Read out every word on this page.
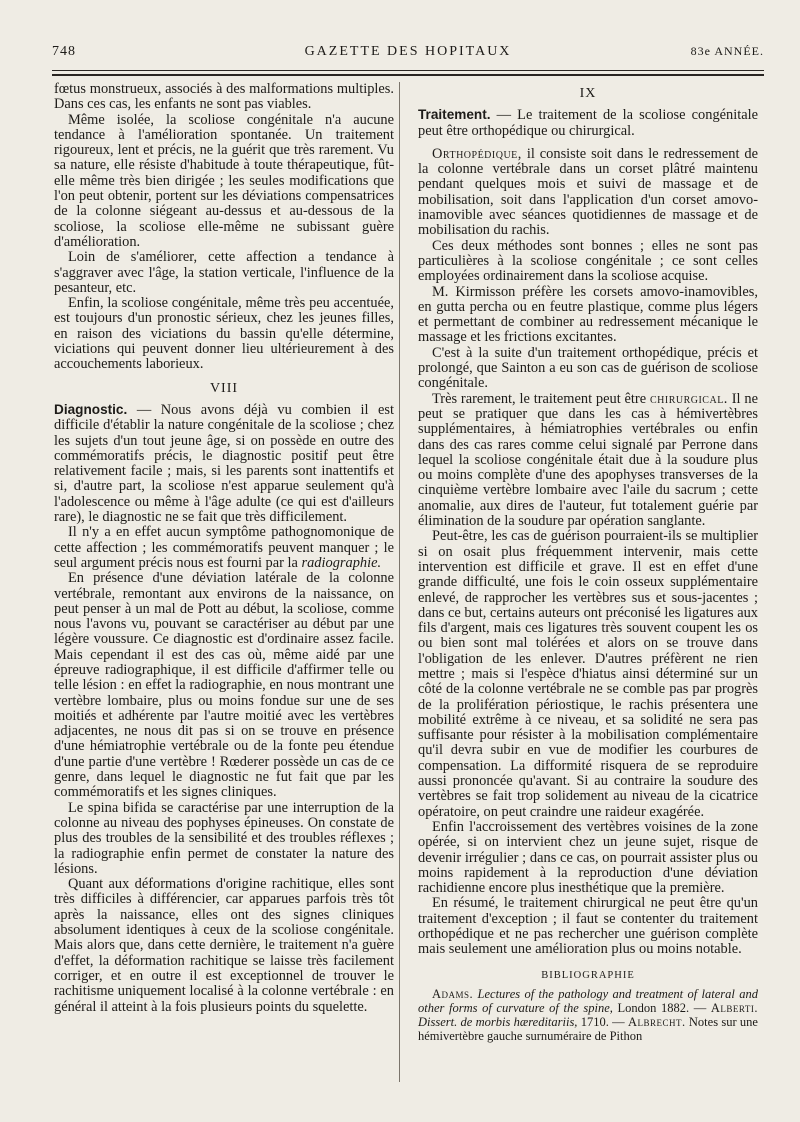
748	GAZETTE DES HOPITAUX	83e ANNÉE.

fœtus monstrueux, associés à des malformations multiples. Dans ces cas, les enfants ne sont pas viables.

Même isolée, la scoliose congénitale n'a aucune tendance à l'amélioration spontanée. Un traitement rigoureux, lent et précis, ne la guérit que très rarement. Vu sa nature, elle résiste d'habitude à toute thérapeutique, fût-elle même très bien dirigée ; les seules modifications que l'on peut obtenir, portent sur les déviations compensatrices de la colonne siégeant au-dessus et au-dessous de la scoliose, la scoliose elle-même ne subissant guère d'amélioration.

Loin de s'améliorer, cette affection a tendance à s'aggraver avec l'âge, la station verticale, l'influence de la pesanteur, etc.

Enfin, la scoliose congénitale, même très peu accentuée, est toujours d'un pronostic sérieux, chez les jeunes filles, en raison des viciations du bassin qu'elle détermine, viciations qui peuvent donner lieu ultérieurement à des accouchements laborieux.

VIII

Diagnostic. — Nous avons déjà vu combien il est difficile d'établir la nature congénitale de la scoliose ; chez les sujets d'un tout jeune âge, si on possède en outre des commémoratifs précis, le diagnostic positif peut être relativement facile ; mais, si les parents sont inattentifs et si, d'autre part, la scoliose n'est apparue seulement qu'à l'adolescence ou même à l'âge adulte (ce qui est d'ailleurs rare), le diagnostic ne se fait que très difficilement.

Il n'y a en effet aucun symptôme pathognomonique de cette affection ; les commémoratifs peuvent manquer ; le seul argument précis nous est fourni par la radiographie.

En présence d'une déviation latérale de la colonne vertébrale, remontant aux environs de la naissance, on peut penser à un mal de Pott au début, la scoliose, comme nous l'avons vu, pouvant se caractériser au début par une légère voussure. Ce diagnostic est d'ordinaire assez facile. Mais cependant il est des cas où, même aidé par une épreuve radiographique, il est difficile d'affirmer telle ou telle lésion : en effet la radiographie, en nous montrant une vertèbre lombaire, plus ou moins fondue sur une de ses moitiés et adhérente par l'autre moitié avec les vertèbres adjacentes, ne nous dit pas si on se trouve en présence d'une hémiatrophie vertébrale ou de la fonte peu étendue d'une partie d'une vertèbre ! Rœderer possède un cas de ce genre, dans lequel le diagnostic ne fut fait que par les commémoratifs et les signes cliniques.

Le spina bifida se caractérise par une interruption de la colonne au niveau des pophyses épineuses. On constate de plus des troubles de la sensibilité et des troubles réflexes ; la radiographie enfin permet de constater la nature des lésions.

Quant aux déformations d'origine rachitique, elles sont très difficiles à différencier, car apparues parfois très tôt après la naissance, elles ont des signes cliniques absolument identiques à ceux de la scoliose congénitale. Mais alors que, dans cette dernière, le traitement n'a guère d'effet, la déformation rachitique se laisse très facilement corriger, et en outre il est exceptionnel de trouver le rachitisme uniquement localisé à la colonne vertébrale : en général il atteint à la fois plusieurs points du squelette.

IX

Traitement. — Le traitement de la scoliose congénitale peut être orthopédique ou chirurgical.

Orthopédique, il consiste soit dans le redressement de la colonne vertébrale dans un corset plâtré maintenu pendant quelques mois et suivi de massage et de mobilisation, soit dans l'application d'un corset amovo-inamovible avec séances quotidiennes de massage et de mobilisation du rachis.

Ces deux méthodes sont bonnes ; elles ne sont pas particulières à la scoliose congénitale ; ce sont celles employées ordinairement dans la scoliose acquise.

M. Kirmisson préfère les corsets amovo-inamovibles, en gutta percha ou en feutre plastique, comme plus légers et permettant de combiner au redressement mécanique le massage et les frictions excitantes.

C'est à la suite d'un traitement orthopédique, précis et prolongé, que Sainton a eu son cas de guérison de scoliose congénitale.

Très rarement, le traitement peut être chirurgical. Il ne peut se pratiquer que dans les cas à hémivertèbres supplémentaires, à hémiatrophies vertébrales ou enfin dans des cas rares comme celui signalé par Perrone dans lequel la scoliose congénitale était due à la soudure plus ou moins complète d'une des apophyses transverses de la cinquième vertèbre lombaire avec l'aile du sacrum ; cette anomalie, aux dires de l'auteur, fut totalement guérie par élimination de la soudure par opération sanglante.

Peut-être, les cas de guérison pourraient-ils se multiplier si on osait plus fréquemment intervenir, mais cette intervention est difficile et grave. Il est en effet d'une grande difficulté, une fois le coin osseux supplémentaire enlevé, de rapprocher les vertèbres sus et sous-jacentes ; dans ce but, certains auteurs ont préconisé les ligatures aux fils d'argent, mais ces ligatures très souvent coupent les os ou bien sont mal tolérées et alors on se trouve dans l'obligation de les enlever. D'autres préfèrent ne rien mettre ; mais si l'espèce d'hiatus ainsi déterminé sur un côté de la colonne vertébrale ne se comble pas par progrès de la prolifération périostique, le rachis présentera une mobilité extrême à ce niveau, et sa solidité ne sera pas suffisante pour résister à la mobilisation complémentaire qu'il devra subir en vue de modifier les courbures de compensation. La difformité risquera de se reproduire aussi prononcée qu'avant. Si au contraire la soudure des vertèbres se fait trop solidement au niveau de la cicatrice opératoire, on peut craindre une raideur exagérée.

Enfin l'accroissement des vertèbres voisines de la zone opérée, si on intervient chez un jeune sujet, risque de devenir irrégulier ; dans ce cas, on pourrait assister plus ou moins rapidement à la reproduction d'une déviation rachidienne encore plus inesthétique que la première.

En résumé, le traitement chirurgical ne peut être qu'un traitement d'exception ; il faut se contenter du traitement orthopédique et ne pas rechercher une guérison complète mais seulement une amélioration plus ou moins notable.

BIBLIOGRAPHIE

Adams. Lectures of the pathology and treatment of lateral and other forms of curvature of the spine, London 1882. — Alberti. Dissert. de morbis hæreditariis, 1710. — Albrecht. Notes sur une hémivertèbre gauche surnuméraire de Pithon
